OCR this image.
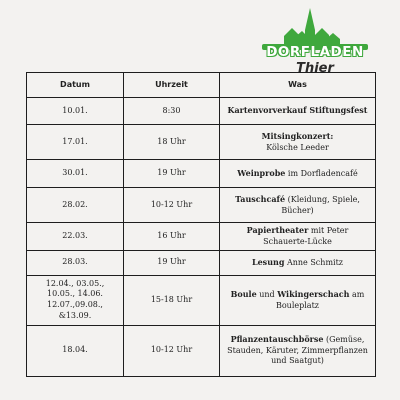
DORFLADEN
Thier
Datum	Uhrzeit	Was
10.01.	8:30	Kartenvorverkauf Stiftungsfest
17.01.	18 Uhr	Mitsingkonzert:
Kölsche Leeder
30.01.	19 Uhr	Weinprobe im Dorfladencafé
28.02.	10-12 Uhr	Tauschcafé (Kleidung, Spiele, Bücher)
22.03.	16 Uhr	Papiertheater mit Peter Schauerte-Lücke
28.03.	19 Uhr	Lesung Anne Schmitz
12.04., 03.05., 10.05., 14.06. 12.07.,09.08., &13.09.	15-18 Uhr	Boule und Wikingerschach am Bouleplatz
18.04.	10-12 Uhr	Pflanzentauschbörse (Gemüse, Stauden, Käruter, Zimmerpflanzen und Saatgut)
